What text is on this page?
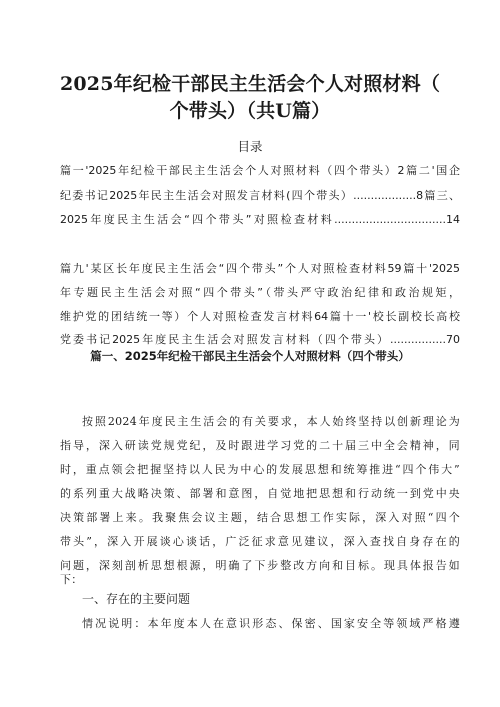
2025年纪检干部民主生活会个人对照材料（
个带头）（共U篇）
目录
篇一'2025年纪检干部民主生活会个人对照材料（四个带头）2篇二'国企
纪委书记2025年民主生活会对照发言材料(四个带头）..................8篇三、
2025年度民主生活会“四个带头”对照检查材料................................14
篇九'某区长年度民主生活会“四个带头”个人对照检查材料59篇十'2025
年专题民主生活会对照“四个带头”（带头严守政治纪律和政治规矩，
维护党的团结统一等）个人对照检查发言材料64篇十一'校长副校长高校
党委书记2025年度民主生活会对照发言材料（四个带头）................70
篇一、2025年纪检干部民主生活会个人对照材料（四个带头）
按照2024年度民主生活会的有关要求，本人始终坚持以创新理论为
指导，深入研读党规党纪，及时跟进学习党的二十届三中全会精神，同
时，重点领会把握坚持以人民为中心的发展思想和统筹推进“四个伟大”
的系列重大战略决策、部署和意图，自觉地把思想和行动统一到党中央
决策部署上来。我聚焦会议主题，结合思想工作实际，深入对照“四个
带头”，深入开展谈心谈话，广泛征求意见建议，深入查找自身存在的
问题，深刻剖析思想根源，明确了下步整改方向和目标。现具体报告如
下：
一、存在的主要问题
情况说明：本年度本人在意识形态、保密、国家安全等领域严格遵
